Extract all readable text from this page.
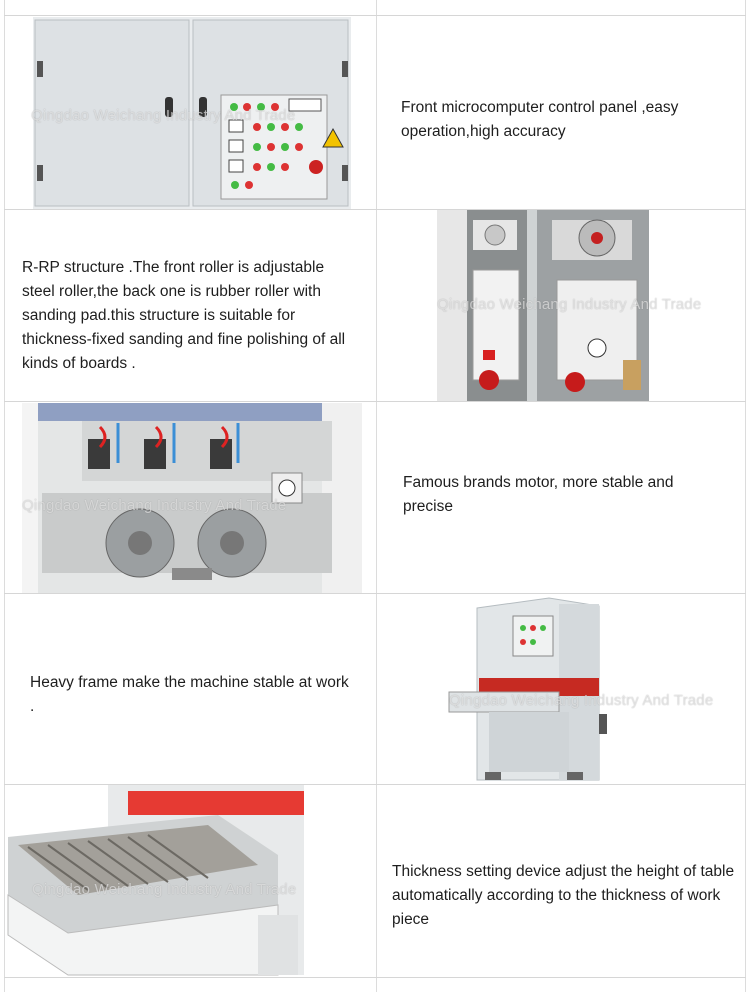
Qingdao Weichang Industry And Trade	Front microcomputer control panel ,easy operation,high accuracy
R-RP structure .The front roller is adjustable steel roller,the back one is rubber roller with sanding pad.this structure is suitable for thickness-fixed sanding and fine polishing of all kinds of boards .
Qingdao Weichang Industry And Trade
Qingdao Weichang Industry And Trade
Famous brands motor, more stable and precise
Heavy frame make the machine stable at work .	Qingdao Weichang Industry And Trade
Qingdao Weichang Industry And Trade
Thickness setting device adjust the height of table automatically according to the thickness of work piece
